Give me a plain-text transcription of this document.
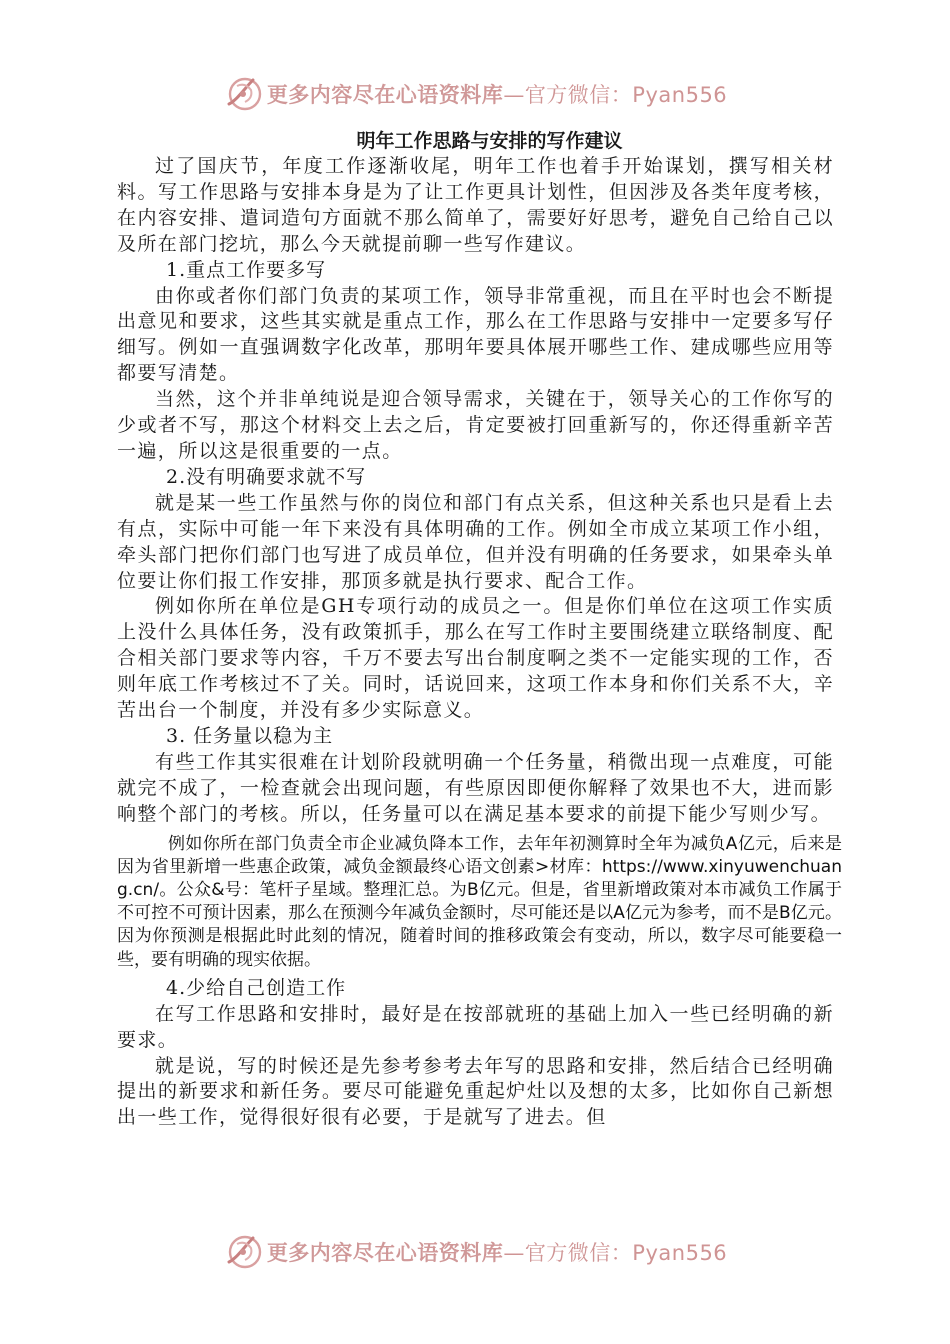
更多内容尽在心语资料库 —官方微信：Pyan556

明年工作思路与安排的写作建议

过了国庆节，年度工作逐渐收尾，明年工作也着手开始谋划，撰写相关材料。写工作思路与安排本身是为了让工作更具计划性，但因涉及各类年度考核，在内容安排、遣词造句方面就不那么简单了，需要好好思考，避免自己给自己以及所在部门挖坑，那么今天就提前聊一些写作建议。

1.重点工作要多写

由你或者你们部门负责的某项工作，领导非常重视，而且在平时也会不断提出意见和要求，这些其实就是重点工作，那么在工作思路与安排中一定要多写仔细写。例如一直强调数字化改革，那明年要具体展开哪些工作、建成哪些应用等都要写清楚。

当然，这个并非单纯说是迎合领导需求，关键在于，领导关心的工作你写的少或者不写，那这个材料交上去之后，肯定要被打回重新写的，你还得重新辛苦一遍，所以这是很重要的一点。

2.没有明确要求就不写

就是某一些工作虽然与你的岗位和部门有点关系，但这种关系也只是看上去有点，实际中可能一年下来没有具体明确的工作。例如全市成立某项工作小组，牵头部门把你们部门也写进了成员单位，但并没有明确的任务要求，如果牵头单位要让你们报工作安排，那顶多就是执行要求、配合工作。

例如你所在单位是GH专项行动的成员之一。但是你们单位在这项工作实质上没什么具体任务，没有政策抓手，那么在写工作时主要围绕建立联络制度、配合相关部门要求等内容，千万不要去写出台制度啊之类不一定能实现的工作，否则年底工作考核过不了关。同时，话说回来，这项工作本身和你们关系不大，辛苦出台一个制度，并没有多少实际意义。

3. 任务量以稳为主

有些工作其实很难在计划阶段就明确一个任务量，稍微出现一点难度，可能就完不成了，一检查就会出现问题，有些原因即便你解释了效果也不大，进而影响整个部门的考核。所以，任务量可以在满足基本要求的前提下能少写则少写。

例如你所在部门负责全市企业减负降本工作，去年年初测算时全年为减负A亿元，后来是因为省里新增一些惠企政策，减负金额最终心语文创素>材库：https://www.xinyuwenchuang.cn/。公众&号：笔杆子星域。整理汇总。为B亿元。但是，省里新增政策对本市减负工作属于不可控不可预计因素，那么在预测今年减负金额时，尽可能还是以A亿元为参考，而不是B亿元。因为你预测是根据此时此刻的情况，随着时间的推移政策会有变动，所以，数字尽可能要稳一些，要有明确的现实依据。

4.少给自己创造工作

在写工作思路和安排时，最好是在按部就班的基础上加入一些已经明确的新要求。

就是说，写的时候还是先参考参考去年写的思路和安排，然后结合已经明确提出的新要求和新任务。要尽可能避免重起炉灶以及想的太多，比如你自己新想出一些工作，觉得很好很有必要，于是就写了进去。但

更多内容尽在心语资料库 —官方微信：Pyan556
